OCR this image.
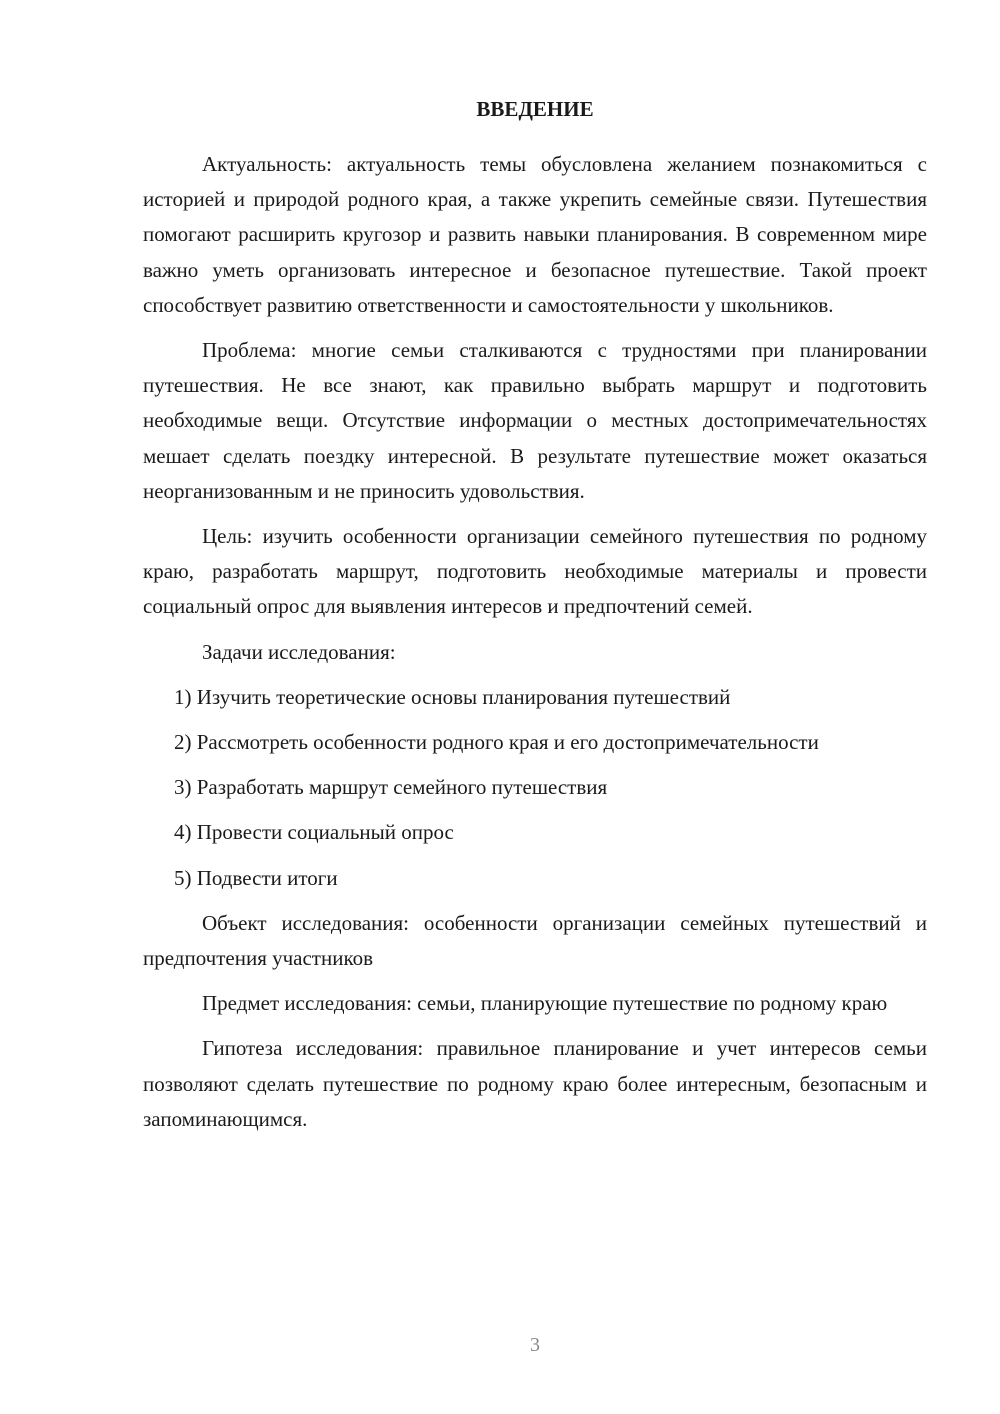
ВВЕДЕНИЕ
Актуальность: актуальность темы обусловлена желанием познакомиться с историей и природой родного края, а также укрепить семейные связи. Путешествия помогают расширить кругозор и развить навыки планирования. В современном мире важно уметь организовать интересное и безопасное путешествие. Такой проект способствует развитию ответственности и самостоятельности у школьников.
Проблема: многие семьи сталкиваются с трудностями при планировании путешествия. Не все знают, как правильно выбрать маршрут и подготовить необходимые вещи. Отсутствие информации о местных достопримечательностях мешает сделать поездку интересной. В результате путешествие может оказаться неорганизованным и не приносить удовольствия.
Цель: изучить особенности организации семейного путешествия по родному краю, разработать маршрут, подготовить необходимые материалы и провести социальный опрос для выявления интересов и предпочтений семей.
Задачи исследования:
1) Изучить теоретические основы планирования путешествий
2) Рассмотреть особенности родного края и его достопримечательности
3) Разработать маршрут семейного путешествия
4) Провести социальный опрос
5) Подвести итоги
Объект исследования: особенности организации семейных путешествий и предпочтения участников
Предмет исследования: семьи, планирующие путешествие по родному краю
Гипотеза исследования: правильное планирование и учет интересов семьи позволяют сделать путешествие по родному краю более интересным, безопасным и запоминающимся.
3
